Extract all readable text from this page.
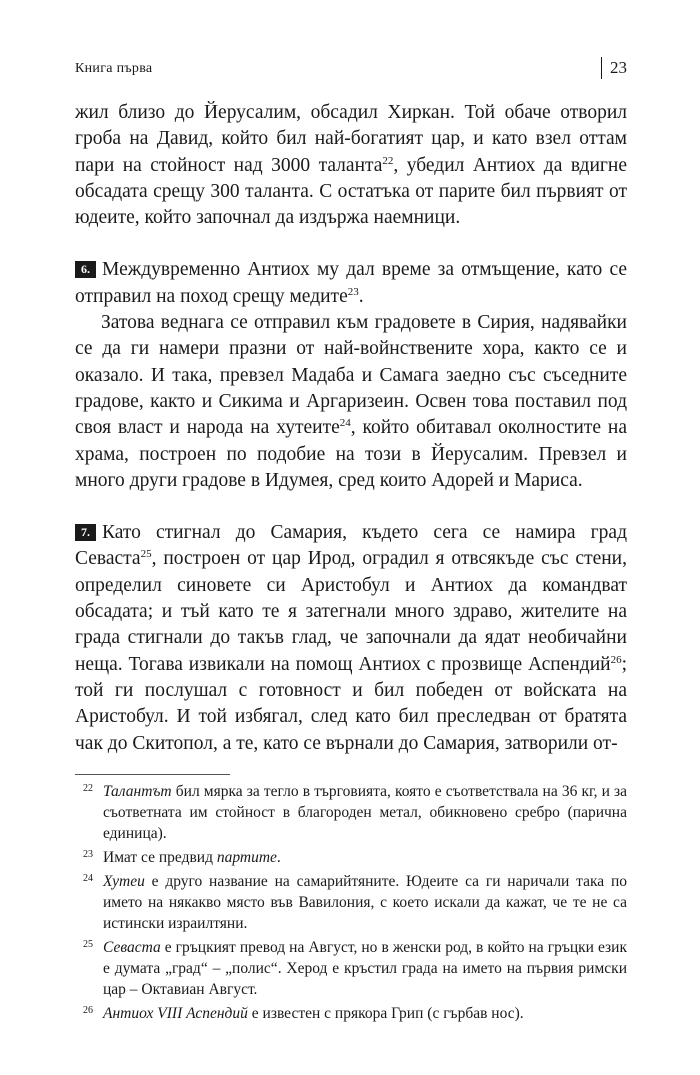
Книга първа	23

жил близо до Йерусалим, обсадил Хиркан. Той обаче отворил гроба на Давид, който бил най-богатият цар, и като взел оттам пари на стойност над 3000 таланта$^{22}$, убедил Антиох да вдигне обсадата срещу 300 таланта. С остатъка от парите бил първият от юдеите, който започнал да издържа наемници.

6. Междувременно Антиох му дал време за отмъщение, като се отправил на поход срещу медите$^{23}$.

Затова веднага се отправил към градовете в Сирия, надявайки се да ги намери празни от най-войнствените хора, както се и оказало. И така, превзел Мадаба и Самага заедно със съседните градове, както и Сикима и Аргаризеин. Освен това поставил под своя власт и народа на хутеите$^{24}$, който обитавал околностите на храма, построен по подобие на този в Йерусалим. Превзел и много други градове в Идумея, сред които Адорей и Мариса.

7. Като стигнал до Самария, където сега се намира град Севаста$^{25}$, построен от цар Ирод, оградил я отвсякъде със стени, определил синовете си Аристобул и Антиох да командват обсадата; и тъй като те я затегнали много здраво, жителите на града стигнали до такъв глад, че започнали да ядат необичайни неща. Тогава извикали на помощ Антиох с прозвище Аспендий$^{26}$; той ги послушал с готовност и бил победен от войската на Аристобул. И той избягал, след като бил преследван от братята чак до Скитопол, а те, като се върнали до Самария, затворили от-

22 Талантът бил мярка за тегло в търговията, която е съответствала на 36 кг, и за съответната им стойност в благороден метал, обикновено сребро (парична единица).

23 Имат се предвид партите.

24 Хутеи е друго название на самарийтяните. Юдеите са ги наричали така по името на някакво място във Вавилония, с което искали да кажат, че те не са истински израилтяни.

25 Севаста е гръцкият превод на Август, но в женски род, в който на гръцки език е думата „град“ – „полис“. Херод е кръстил града на името на първия римски цар – Октавиан Август.

26 Антиох VIII Аспендий е известен с прякора Грип (с гърбав нос).
